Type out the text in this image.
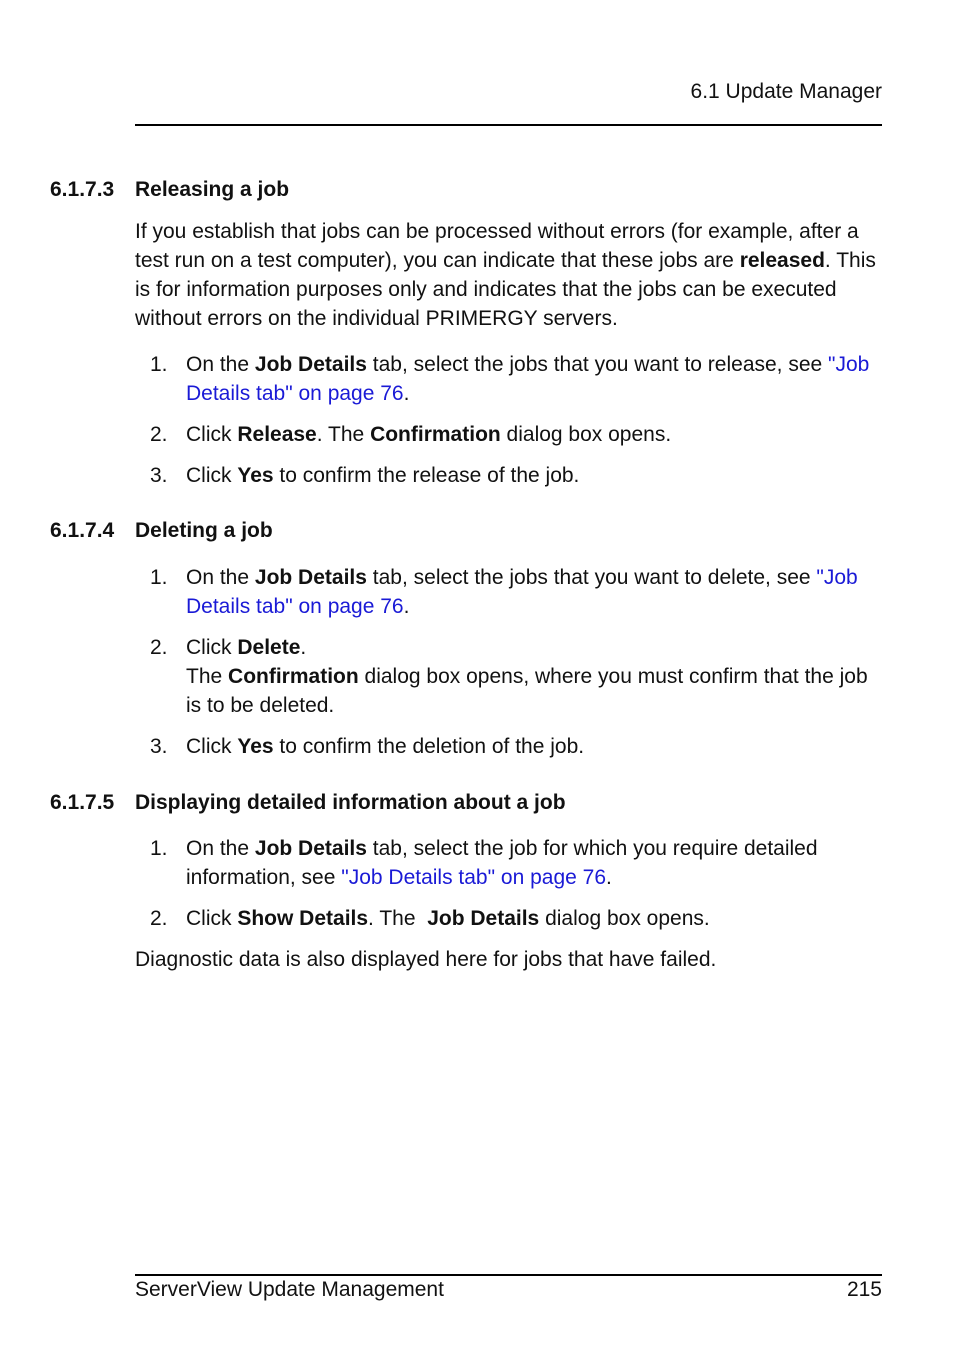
6.1 Update Manager
6.1.7.3 Releasing a job
If you establish that jobs can be processed without errors (for example, after a test run on a test computer), you can indicate that these jobs are released. This is for information purposes only and indicates that the jobs can be executed without errors on the individual PRIMERGY servers.
1. On the Job Details tab, select the jobs that you want to release, see "Job Details tab" on page 76.
2. Click Release. The Confirmation dialog box opens.
3. Click Yes to confirm the release of the job.
6.1.7.4 Deleting a job
1. On the Job Details tab, select the jobs that you want to delete, see "Job Details tab" on page 76.
2. Click Delete.
The Confirmation dialog box opens, where you must confirm that the job is to be deleted.
3. Click Yes to confirm the deletion of the job.
6.1.7.5 Displaying detailed information about a job
1. On the Job Details tab, select the job for which you require detailed information, see "Job Details tab" on page 76.
2. Click Show Details. The  Job Details dialog box opens.
Diagnostic data is also displayed here for jobs that have failed.
ServerView Update Management	215
